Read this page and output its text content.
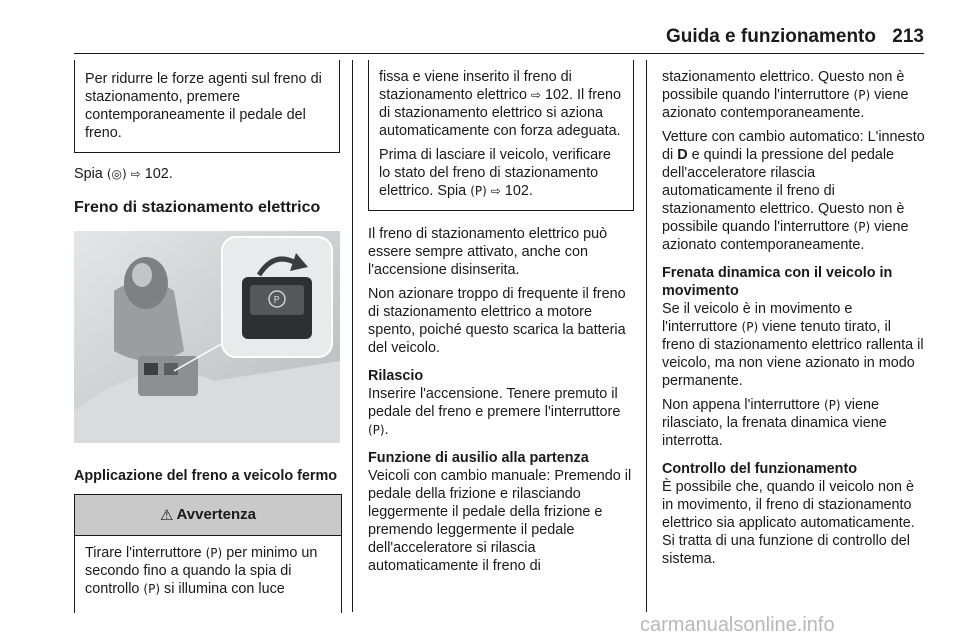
Guida e funzionamento 213

Per ridurre le forze agenti sul freno di stazionamento, premere contemporaneamente il pedale del freno.

Spia (◎) ⇨ 102.

Freno di stazionamento elettrico

P

Applicazione del freno a veicolo fermo

⚠ Avvertenza

Tirare l'interruttore (P) per minimo un secondo fino a quando la spia di controllo (P) si illumina con luce

fissa e viene inserito il freno di stazionamento elettrico ⇨ 102. Il freno di stazionamento elettrico si aziona automaticamente con forza adeguata.

Prima di lasciare il veicolo, verificare lo stato del freno di stazionamento elettrico. Spia (P) ⇨ 102.

Il freno di stazionamento elettrico può essere sempre attivato, anche con l'accensione disinserita.

Non azionare troppo di frequente il freno di stazionamento elettrico a motore spento, poiché questo scarica la batteria del veicolo.

Rilascio

Inserire l'accensione. Tenere premuto il pedale del freno e premere l'interruttore (P).

Funzione di ausilio alla partenza

Veicoli con cambio manuale: Premendo il pedale della frizione e rilasciando leggermente il pedale della frizione e premendo leggermente il pedale dell'acceleratore si rilascia automaticamente il freno di

stazionamento elettrico. Questo non è possibile quando l'interruttore (P) viene azionato contemporaneamente.

Vetture con cambio automatico: L'innesto di D e quindi la pressione del pedale dell'acceleratore rilascia automaticamente il freno di stazionamento elettrico. Questo non è possibile quando l'interruttore (P) viene azionato contemporaneamente.

Frenata dinamica con il veicolo in movimento

Se il veicolo è in movimento e l'interruttore (P) viene tenuto tirato, il freno di stazionamento elettrico rallenta il veicolo, ma non viene azionato in modo permanente.

Non appena l'interruttore (P) viene rilasciato, la frenata dinamica viene interrotta.

Controllo del funzionamento

È possibile che, quando il veicolo non è in movimento, il freno di stazionamento elettrico sia applicato automaticamente. Si tratta di una funzione di controllo del sistema.

carmanualsonline.info
